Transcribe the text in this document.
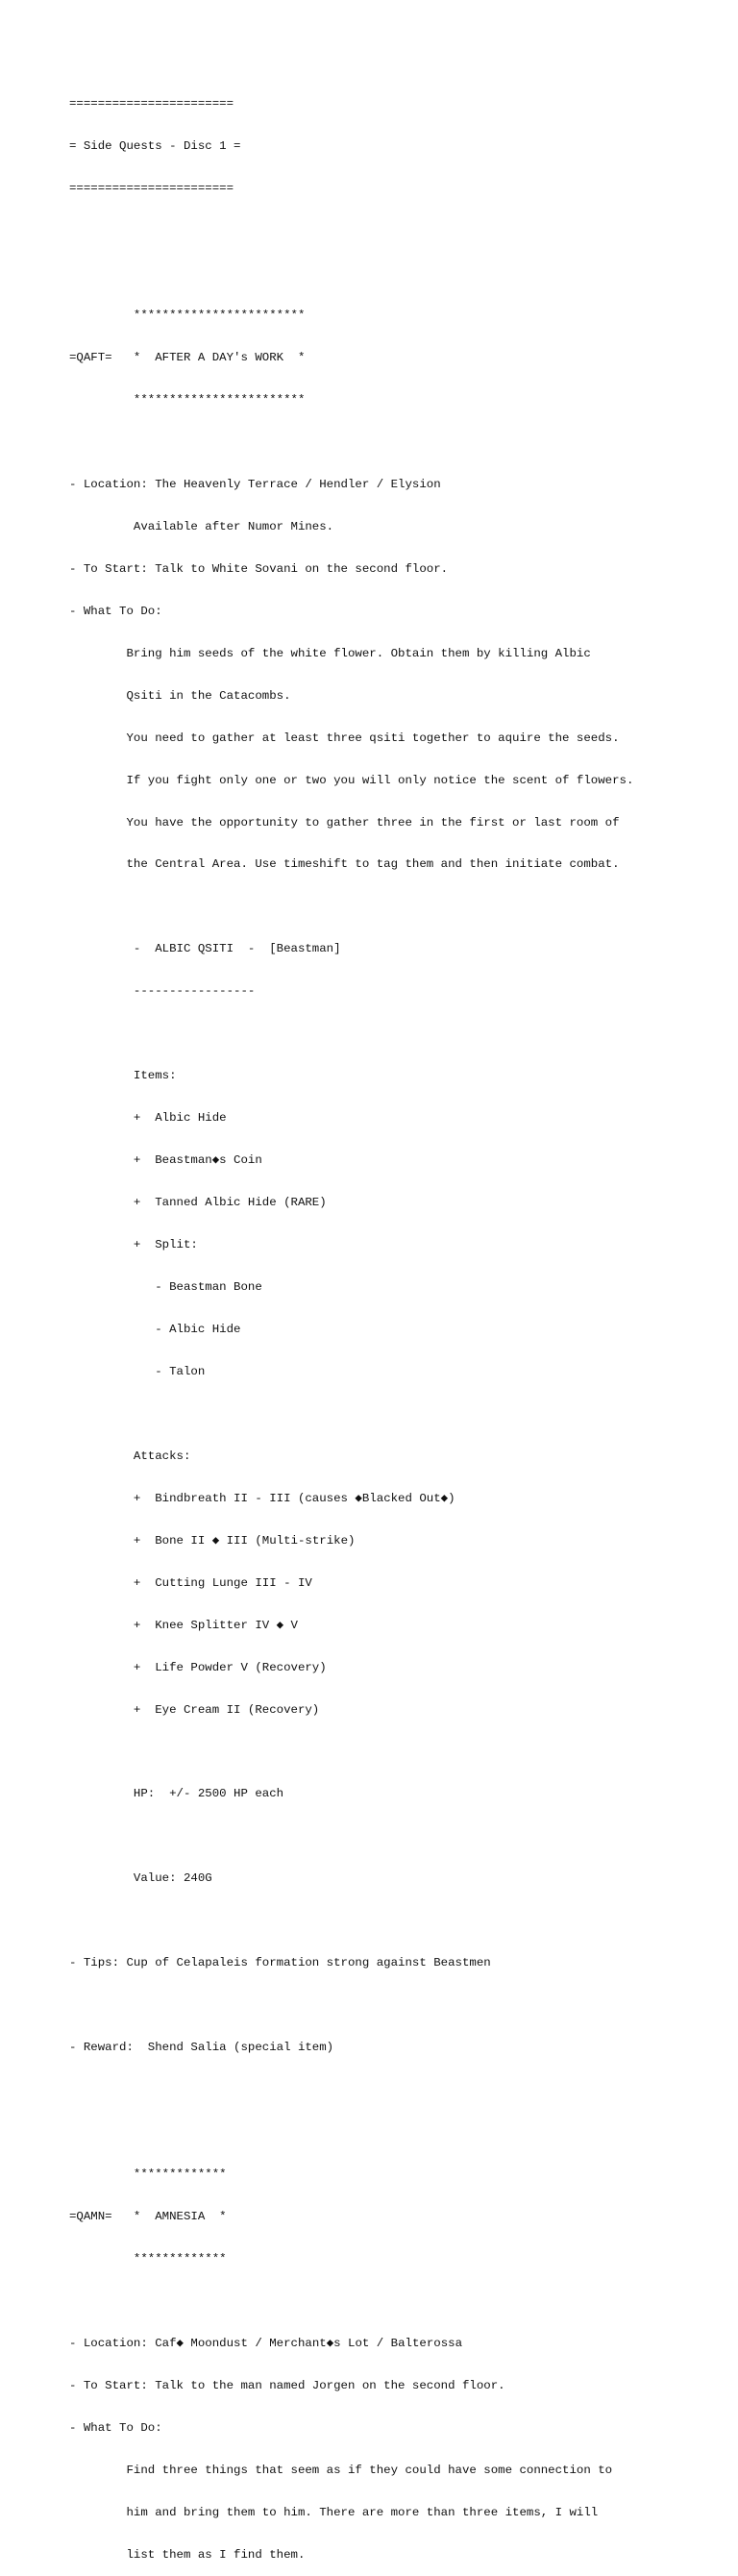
=======================

= Side Quests - Disc 1 =

=======================

************************

=QAFT=   *  AFTER A DAY's WORK  *

************************

- Location: The Heavenly Terrace / Hendler / Elysion

Available after Numor Mines.

- To Start: Talk to White Sovani on the second floor.

- What To Do:

Bring him seeds of the white flower. Obtain them by killing Albic

Qsiti in the Catacombs.

You need to gather at least three qsiti together to aquire the seeds.

If you fight only one or two you will only notice the scent of flowers.

You have the opportunity to gather three in the first or last room of

the Central Area. Use timeshift to tag them and then initiate combat.

-  ALBIC QSITI  -  [Beastman]

-----------------

Items:

+  Albic Hide

+  Beastman◆s Coin

+  Tanned Albic Hide (RARE)

+  Split:

- Beastman Bone

- Albic Hide

- Talon

Attacks:

+  Bindbreath II - III (causes ◆Blacked Out◆)

+  Bone II ◆ III (Multi-strike)

+  Cutting Lunge III - IV

+  Knee Splitter IV ◆ V

+  Life Powder V (Recovery)

+  Eye Cream II (Recovery)

HP:  +/- 2500 HP each

Value: 240G

- Tips: Cup of Celapaleis formation strong against Beastmen

- Reward:  Shend Salia (special item)

*************

=QAMN=   *  AMNESIA  *

*************

- Location: Caf◆ Moondust / Merchant◆s Lot / Balterossa

- To Start: Talk to the man named Jorgen on the second floor.

- What To Do:

Find three things that seem as if they could have some connection to

him and bring them to him. There are more than three items, I will

list them as I find them.
